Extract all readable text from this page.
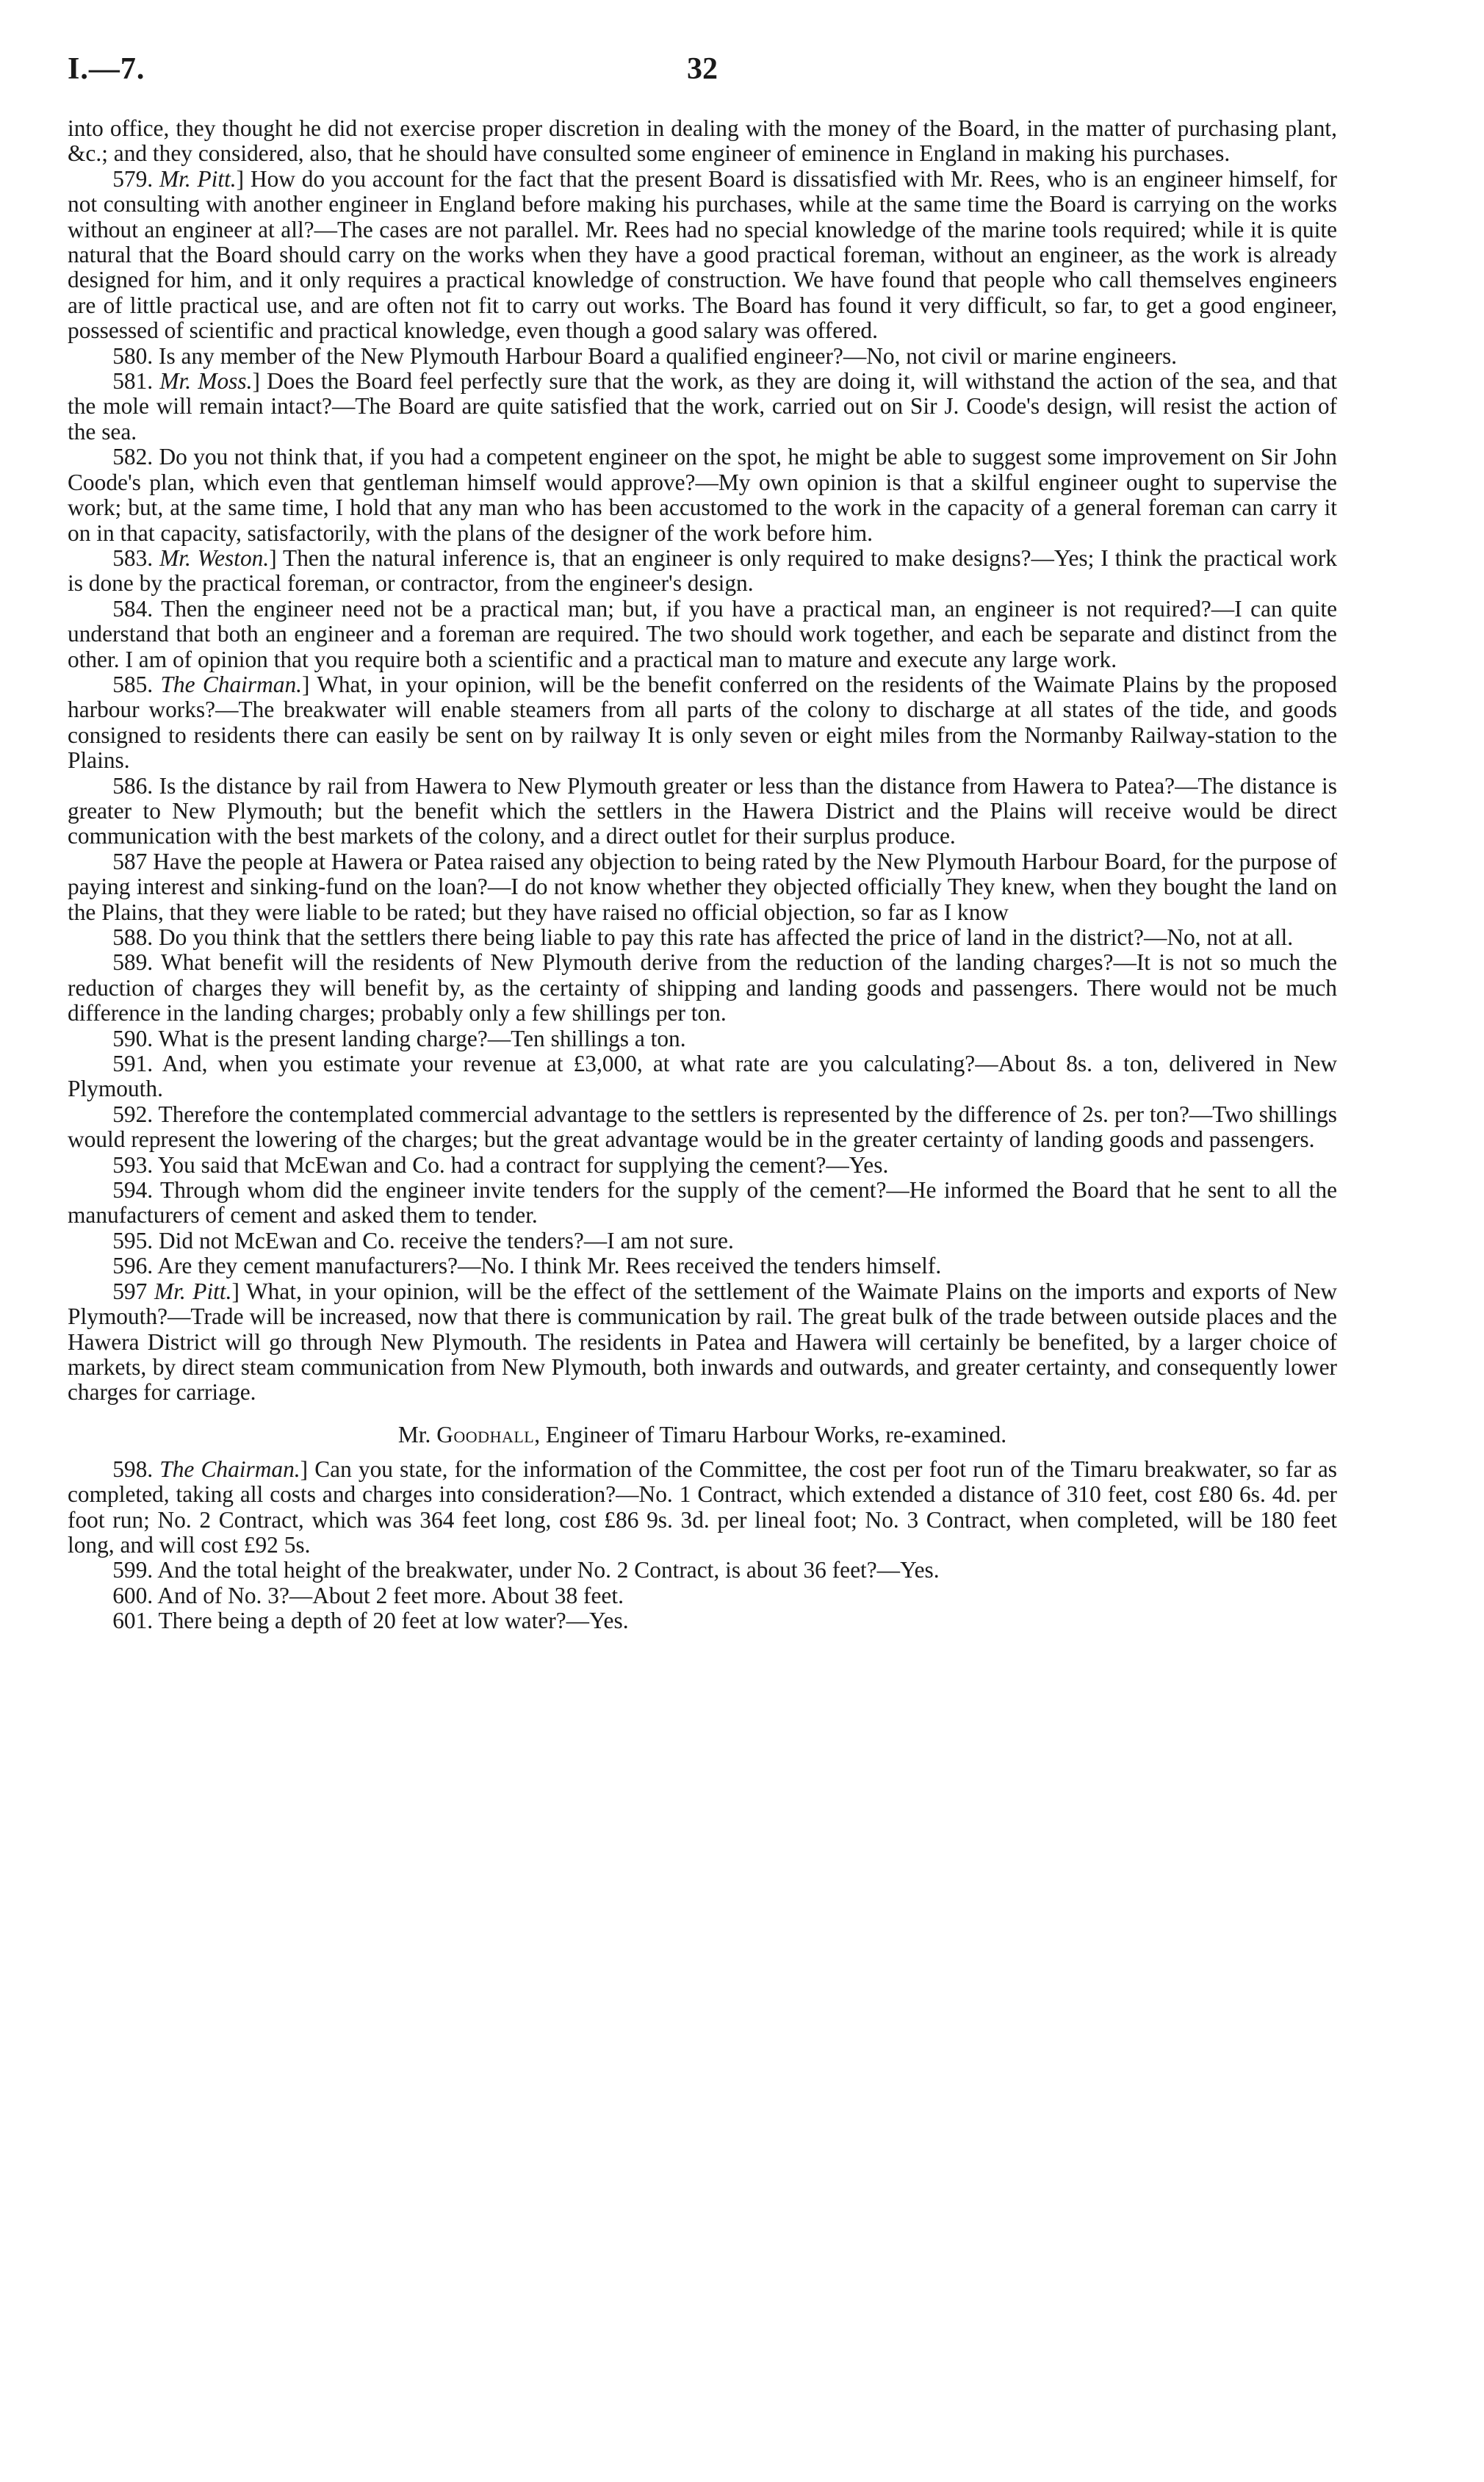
I.—7.	32

into office, they thought he did not exercise proper discretion in dealing with the money of the Board, in the matter of purchasing plant, &c.; and they considered, also, that he should have consulted some engineer of eminence in England in making his purchases.

579. Mr. Pitt.] How do you account for the fact that the present Board is dissatisfied with Mr. Rees, who is an engineer himself, for not consulting with another engineer in England before making his purchases, while at the same time the Board is carrying on the works without an engineer at all?—The cases are not parallel. Mr. Rees had no special knowledge of the marine tools required; while it is quite natural that the Board should carry on the works when they have a good practical foreman, without an engineer, as the work is already designed for him, and it only requires a practical knowledge of construction. We have found that people who call themselves engineers are of little practical use, and are often not fit to carry out works. The Board has found it very difficult, so far, to get a good engineer, possessed of scientific and practical knowledge, even though a good salary was offered.

580. Is any member of the New Plymouth Harbour Board a qualified engineer?—No, not civil or marine engineers.

581. Mr. Moss.] Does the Board feel perfectly sure that the work, as they are doing it, will withstand the action of the sea, and that the mole will remain intact?—The Board are quite satisfied that the work, carried out on Sir J. Coode's design, will resist the action of the sea.

582. Do you not think that, if you had a competent engineer on the spot, he might be able to suggest some improvement on Sir John Coode's plan, which even that gentleman himself would approve?—My own opinion is that a skilful engineer ought to supervise the work; but, at the same time, I hold that any man who has been accustomed to the work in the capacity of a general foreman can carry it on in that capacity, satisfactorily, with the plans of the designer of the work before him.

583. Mr. Weston.] Then the natural inference is, that an engineer is only required to make designs?—Yes; I think the practical work is done by the practical foreman, or contractor, from the engineer's design.

584. Then the engineer need not be a practical man; but, if you have a practical man, an engineer is not required?—I can quite understand that both an engineer and a foreman are required. The two should work together, and each be separate and distinct from the other. I am of opinion that you require both a scientific and a practical man to mature and execute any large work.

585. The Chairman.] What, in your opinion, will be the benefit conferred on the residents of the Waimate Plains by the proposed harbour works?—The breakwater will enable steamers from all parts of the colony to discharge at all states of the tide, and goods consigned to residents there can easily be sent on by railway It is only seven or eight miles from the Normanby Railway-station to the Plains.

586. Is the distance by rail from Hawera to New Plymouth greater or less than the distance from Hawera to Patea?—The distance is greater to New Plymouth; but the benefit which the settlers in the Hawera District and the Plains will receive would be direct communication with the best markets of the colony, and a direct outlet for their surplus produce.

587 Have the people at Hawera or Patea raised any objection to being rated by the New Plymouth Harbour Board, for the purpose of paying interest and sinking-fund on the loan?—I do not know whether they objected officially They knew, when they bought the land on the Plains, that they were liable to be rated; but they have raised no official objection, so far as I know

588. Do you think that the settlers there being liable to pay this rate has affected the price of land in the district?—No, not at all.

589. What benefit will the residents of New Plymouth derive from the reduction of the landing charges?—It is not so much the reduction of charges they will benefit by, as the certainty of shipping and landing goods and passengers. There would not be much difference in the landing charges; probably only a few shillings per ton.

590. What is the present landing charge?—Ten shillings a ton.

591. And, when you estimate your revenue at £3,000, at what rate are you calculating?—About 8s. a ton, delivered in New Plymouth.

592. Therefore the contemplated commercial advantage to the settlers is represented by the difference of 2s. per ton?—Two shillings would represent the lowering of the charges; but the great advantage would be in the greater certainty of landing goods and passengers.

593. You said that McEwan and Co. had a contract for supplying the cement?—Yes.

594. Through whom did the engineer invite tenders for the supply of the cement?—He informed the Board that he sent to all the manufacturers of cement and asked them to tender.

595. Did not McEwan and Co. receive the tenders?—I am not sure.

596. Are they cement manufacturers?—No. I think Mr. Rees received the tenders himself.

597 Mr. Pitt.] What, in your opinion, will be the effect of the settlement of the Waimate Plains on the imports and exports of New Plymouth?—Trade will be increased, now that there is communication by rail. The great bulk of the trade between outside places and the Hawera District will go through New Plymouth. The residents in Patea and Hawera will certainly be benefited, by a larger choice of markets, by direct steam communication from New Plymouth, both inwards and outwards, and greater certainty, and consequently lower charges for carriage.

Mr. Goodhall, Engineer of Timaru Harbour Works, re-examined.

598. The Chairman.] Can you state, for the information of the Committee, the cost per foot run of the Timaru breakwater, so far as completed, taking all costs and charges into consideration?—No. 1 Contract, which extended a distance of 310 feet, cost £80 6s. 4d. per foot run; No. 2 Contract, which was 364 feet long, cost £86 9s. 3d. per lineal foot; No. 3 Contract, when completed, will be 180 feet long, and will cost £92 5s.

599. And the total height of the breakwater, under No. 2 Contract, is about 36 feet?—Yes.

600. And of No. 3?—About 2 feet more. About 38 feet.

601. There being a depth of 20 feet at low water?—Yes.
